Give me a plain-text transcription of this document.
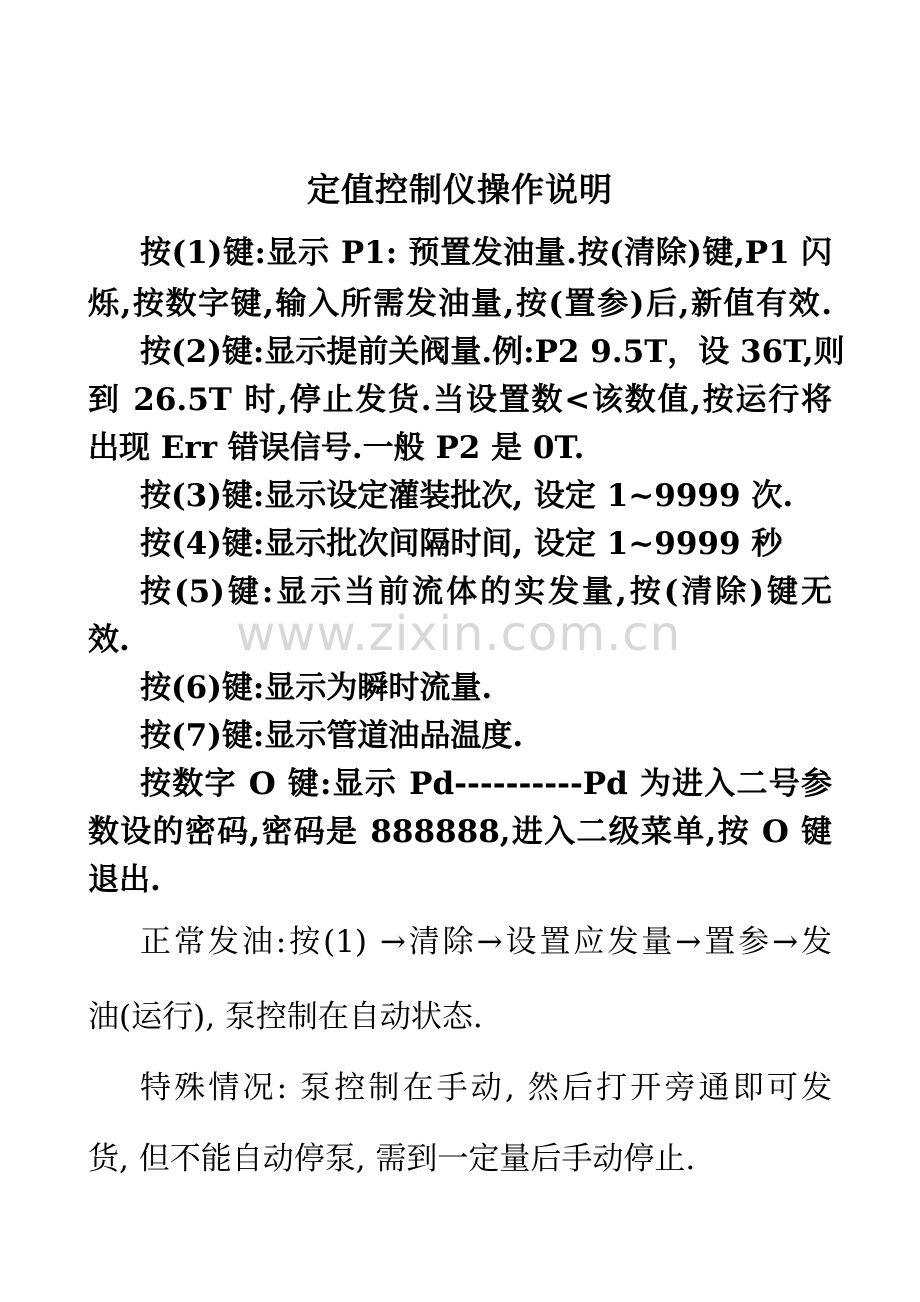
定值控制仪操作说明
按(1)键:显示 P1: 预置发油量.按(清除)键,P1 闪
烁,按数字键,输入所需发油量,按(置参)后,新值有效.
按(2)键:显示提前关阀量.例:P2 9.5T，设 36T,则
到 26.5T 时,停止发货.当设置数<该数值,按运行将
出现 Err 错误信号.一般 P2 是 0T.
按(3)键:显示设定灌装批次, 设定 1~9999 次.
按(4)键:显示批次间隔时间, 设定 1~9999 秒
按(5)键:显示当前流体的实发量,按(清除)键无
效.
按(6)键:显示为瞬时流量.
按(7)键:显示管道油品温度.
按数字 O 键:显示 Pd----------Pd 为进入二号参
数设的密码,密码是 888888,进入二级菜单,按 O 键
退出.
正常发油:按(1) →清除→设置应发量→置参→发
油(运行), 泵控制在自动状态.
特殊情况: 泵控制在手动, 然后打开旁通即可发
货, 但不能自动停泵, 需到一定量后手动停止.
www.zixin.com.cn
